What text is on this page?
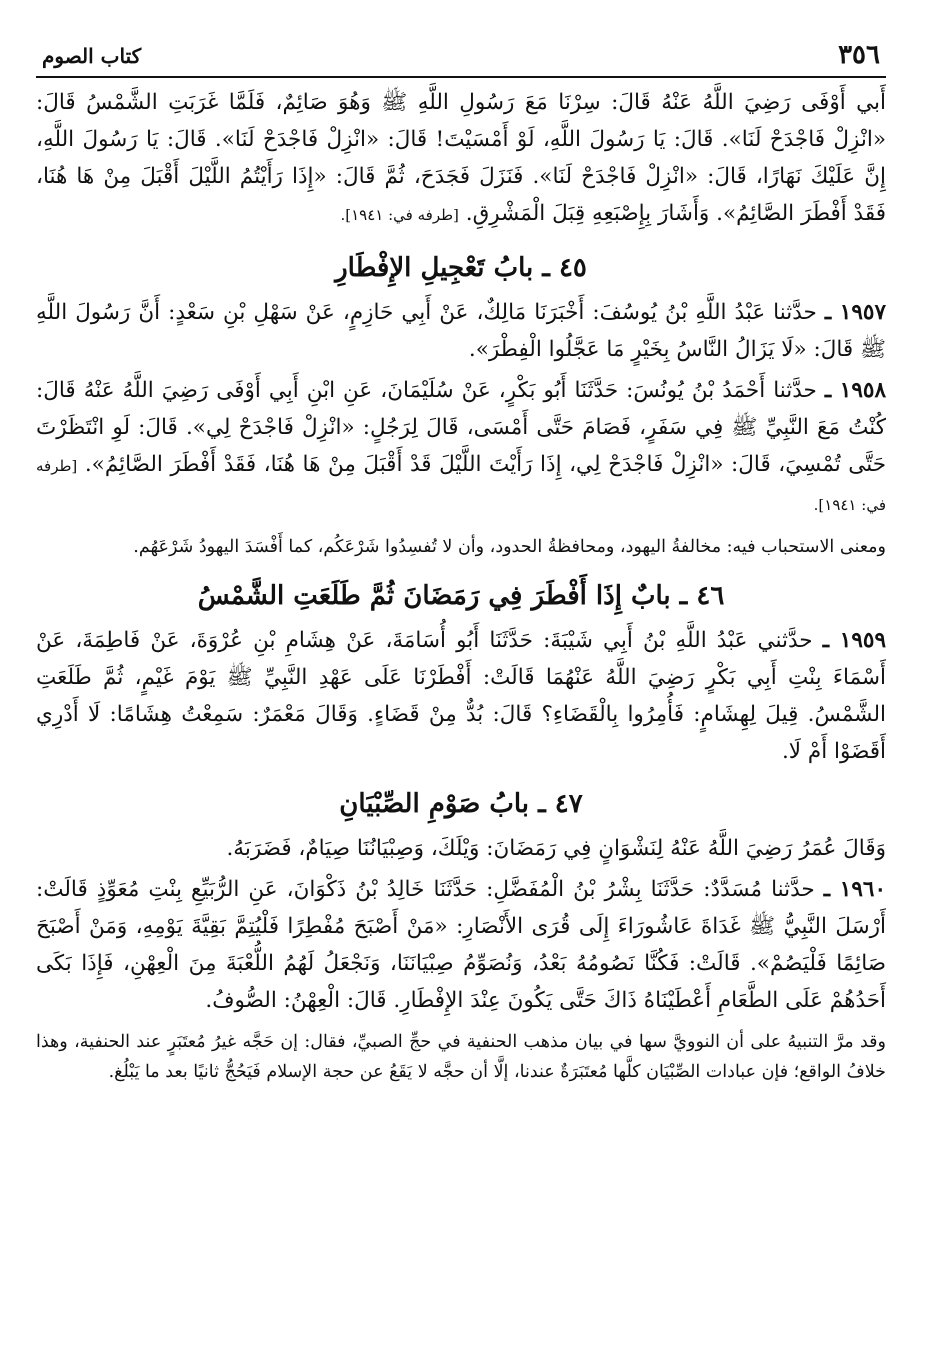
٣٥٦
كتاب الصوم

أَبي أَوْفَى رَضِيَ اللَّهُ عَنْهُ قَالَ: سِرْنَا مَعَ رَسُولِ اللَّهِ ﷺ وَهُوَ صَائِمٌ، فَلَمَّا غَرَبَتِ الشَّمْسُ قَالَ: «انْزِلْ فَاجْدَحْ لَنَا». قَالَ: يَا رَسُولَ اللَّهِ، لَوْ أَمْسَيْتَ! قَالَ: «انْزِلْ فَاجْدَحْ لَنَا». قَالَ: يَا رَسُولَ اللَّهِ، إِنَّ عَلَيْكَ نَهَارًا، قَالَ: «انْزِلْ فَاجْدَحْ لَنَا». فَنَزَلَ فَجَدَحَ، ثُمَّ قَالَ: «إِذَا رَأَيْتُمُ اللَّيْلَ أَقْبَلَ مِنْ هَا هُنَا، فَقَدْ أَفْطَرَ الصَّائِمُ». وَأَشَارَ بِإِصْبَعِهِ قِبَلَ الْمَشْرِقِ. [طرفه في: ١٩٤١].

٤٥ ـ بابُ تَعْجِيلِ الإِفْطَارِ

١٩٥٧ ـ حدَّثنا عَبْدُ اللَّهِ بْنُ يُوسُفَ: أَخْبَرَنَا مَالِكٌ، عَنْ أَبِي حَازِمٍ، عَنْ سَهْلِ بْنِ سَعْدٍ: أَنَّ رَسُولَ اللَّهِ ﷺ قَالَ: «لَا يَزَالُ النَّاسُ بِخَيْرٍ مَا عَجَّلُوا الْفِطْرَ».

١٩٥٨ ـ حدَّثنا أَحْمَدُ بْنُ يُونُسَ: حَدَّثَنَا أَبُو بَكْرٍ، عَنْ سُلَيْمَانَ، عَنِ ابْنِ أَبِي أَوْفَى رَضِيَ اللَّهُ عَنْهُ قَالَ: كُنْتُ مَعَ النَّبِيِّ ﷺ فِي سَفَرٍ، فَصَامَ حَتَّى أَمْسَى، قَالَ لِرَجُلٍ: «انْزِلْ فَاجْدَحْ لِي». قَالَ: لَوِ انْتَظَرْتَ حَتَّى تُمْسِيَ، قَالَ: «انْزِلْ فَاجْدَحْ لِي، إِذَا رَأَيْتَ اللَّيْلَ قَدْ أَقْبَلَ مِنْ هَا هُنَا، فَقَدْ أَفْطَرَ الصَّائِمُ». [طرفه في: ١٩٤١].

ومعنى الاستحباب فيه: مخالفةُ اليهود، ومحافظةُ الحدود، وأن لا تُفسِدُوا شَرْعَكُم، كما أَفْسَدَ اليهودُ شَرْعَهُم.

٤٦ ـ بابٌ إِذَا أَفْطَرَ فِي رَمَضَانَ ثُمَّ طَلَعَتِ الشَّمْسُ

١٩٥٩ ـ حدَّثني عَبْدُ اللَّهِ بْنُ أَبِي شَيْبَةَ: حَدَّثَنَا أَبُو أُسَامَةَ، عَنْ هِشَامِ بْنِ عُرْوَةَ، عَنْ فَاطِمَةَ، عَنْ أَسْمَاءَ بِنْتِ أَبِي بَكْرٍ رَضِيَ اللَّهُ عَنْهُمَا قَالَتْ: أَفْطَرْنَا عَلَى عَهْدِ النَّبِيِّ ﷺ يَوْمَ غَيْمٍ، ثُمَّ طَلَعَتِ الشَّمْسُ. قِيلَ لِهِشَامٍ: فَأُمِرُوا بِالْقَضَاءِ؟ قَالَ: بُدٌّ مِنْ قَضَاءٍ. وَقَالَ مَعْمَرٌ: سَمِعْتُ هِشَامًا: لَا أَدْرِي أَقَضَوْا أَمْ لَا.

٤٧ ـ بابُ صَوْمِ الصِّبْيَانِ

وَقَالَ عُمَرُ رَضِيَ اللَّهُ عَنْهُ لِنَشْوَانٍ فِي رَمَضَانَ: وَيْلَكَ، وَصِبْيَانُنَا صِيَامٌ، فَضَرَبَهُ.

١٩٦٠ ـ حدَّثنا مُسَدَّدٌ: حَدَّثَنَا بِشْرُ بْنُ الْمُفَضَّلِ: حَدَّثَنَا خَالِدُ بْنُ ذَكْوَانَ، عَنِ الرُّبَيِّعِ بِنْتِ مُعَوِّذٍ قَالَتْ: أَرْسَلَ النَّبِيُّ ﷺ غَدَاةَ عَاشُورَاءَ إِلَى قُرَى الأَنْصَارِ: «مَنْ أَصْبَحَ مُفْطِرًا فَلْيُتِمَّ بَقِيَّةَ يَوْمِهِ، وَمَنْ أَصْبَحَ صَائِمًا فَلْيَصُمْ». قَالَتْ: فَكُنَّا نَصُومُهُ بَعْدُ، وَنُصَوِّمُ صِبْيَانَنَا، وَنَجْعَلُ لَهُمُ اللُّعْبَةَ مِنَ الْعِهْنِ، فَإِذَا بَكَى أَحَدُهُمْ عَلَى الطَّعَامِ أَعْطَيْنَاهُ ذَاكَ حَتَّى يَكُونَ عِنْدَ الإِفْطَارِ. قَالَ: الْعِهْنُ: الصُّوفُ.

وقد مرَّ التنبيهُ على أن النوويَّ سها في بيان مذهب الحنفية في حجِّ الصبيِّ، فقال: إن حَجَّه غيرُ مُعتَبَرٍ عند الحنفية، وهذا خلافُ الواقع؛ فإن عبادات الصِّبْيَان كلَّها مُعتَبَرَةٌ عندنا، إلَّا أن حجَّه لا يَقَعُ عن حجة الإسلام فَيَحُجُّ ثانيًا بعد ما يَبْلُغ.
